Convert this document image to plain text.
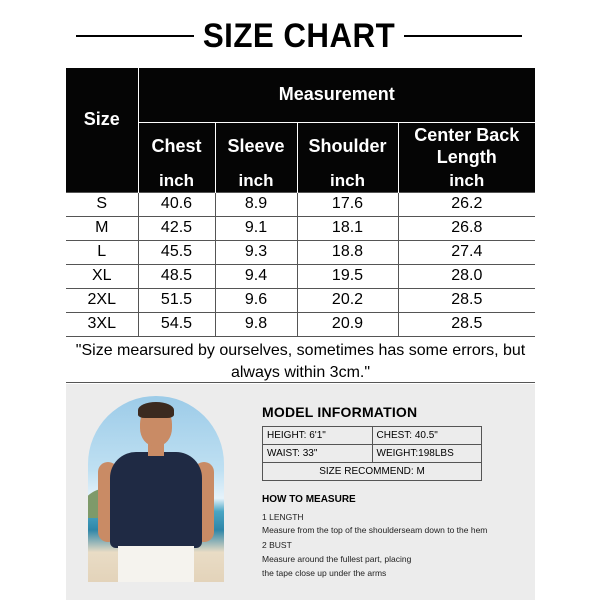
SIZE CHART
Size	Measurement			
	Chest	Sleeve	Shoulder	Center Back Length
	inch	inch	inch	inch
S	40.6	8.9	17.6	26.2
M	42.5	9.1	18.1	26.8
L	45.5	9.3	18.8	27.4
XL	48.5	9.4	19.5	28.0
2XL	51.5	9.6	20.2	28.5
3XL	54.5	9.8	20.9	28.5
"Size mearsured by ourselves, sometimes has some errors, but always within 3cm."
MODEL INFORMATION
HEIGHT: 6'1"	CHEST: 40.5"
WAIST: 33"	WEIGHT:198LBS
SIZE RECOMMEND: M	
HOW TO MEASURE
1 LENGTH
Measure from the top of the shoulderseam down to the hem
2 BUST
Measure around the fullest part, placing
the tape close up under the arms
